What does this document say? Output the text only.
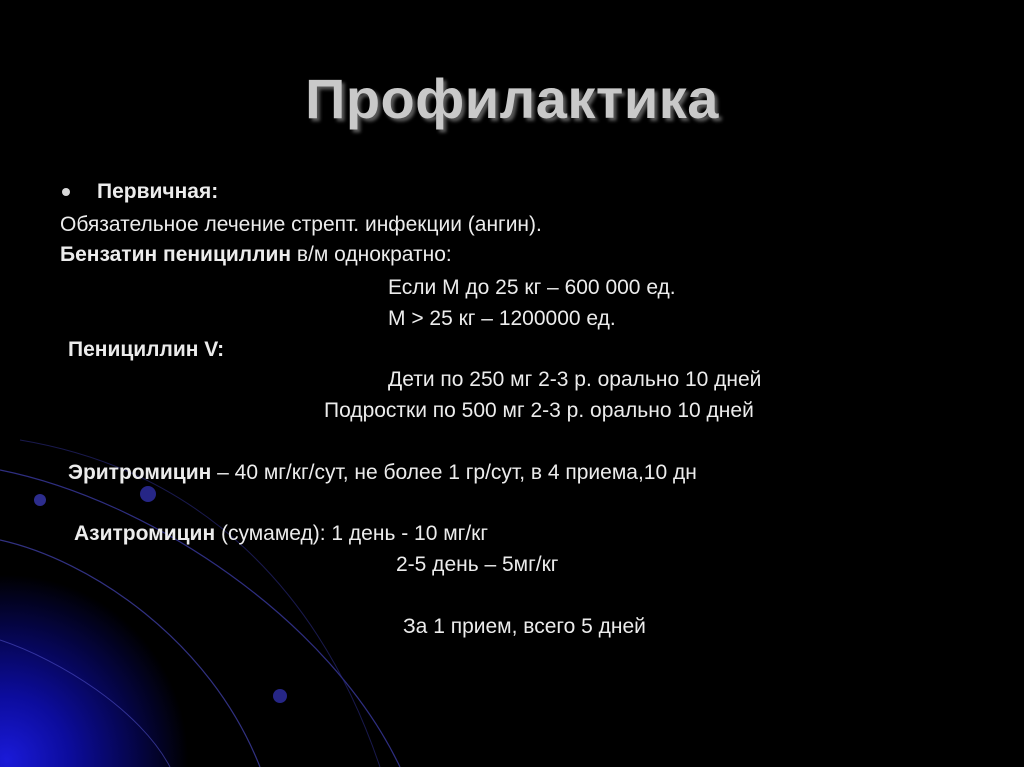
Профилактика
Первичная:
Обязательное лечение стрепт. инфекции (ангин).
Бензатин пенициллин в/м однократно:
Если М до 25 кг – 600 000 ед.
М > 25 кг – 1200000 ед.
Пенициллин V:
Дети по 250 мг 2-3 р. орально 10 дней
Подростки по 500 мг 2-3 р. орально 10 дней
Эритромицин – 40 мг/кг/сут, не более 1 гр/сут, в 4 приема,10 дн
Азитромицин (сумамед): 1 день - 10 мг/кг
2-5 день – 5мг/кг
За 1 прием, всего 5 дней
